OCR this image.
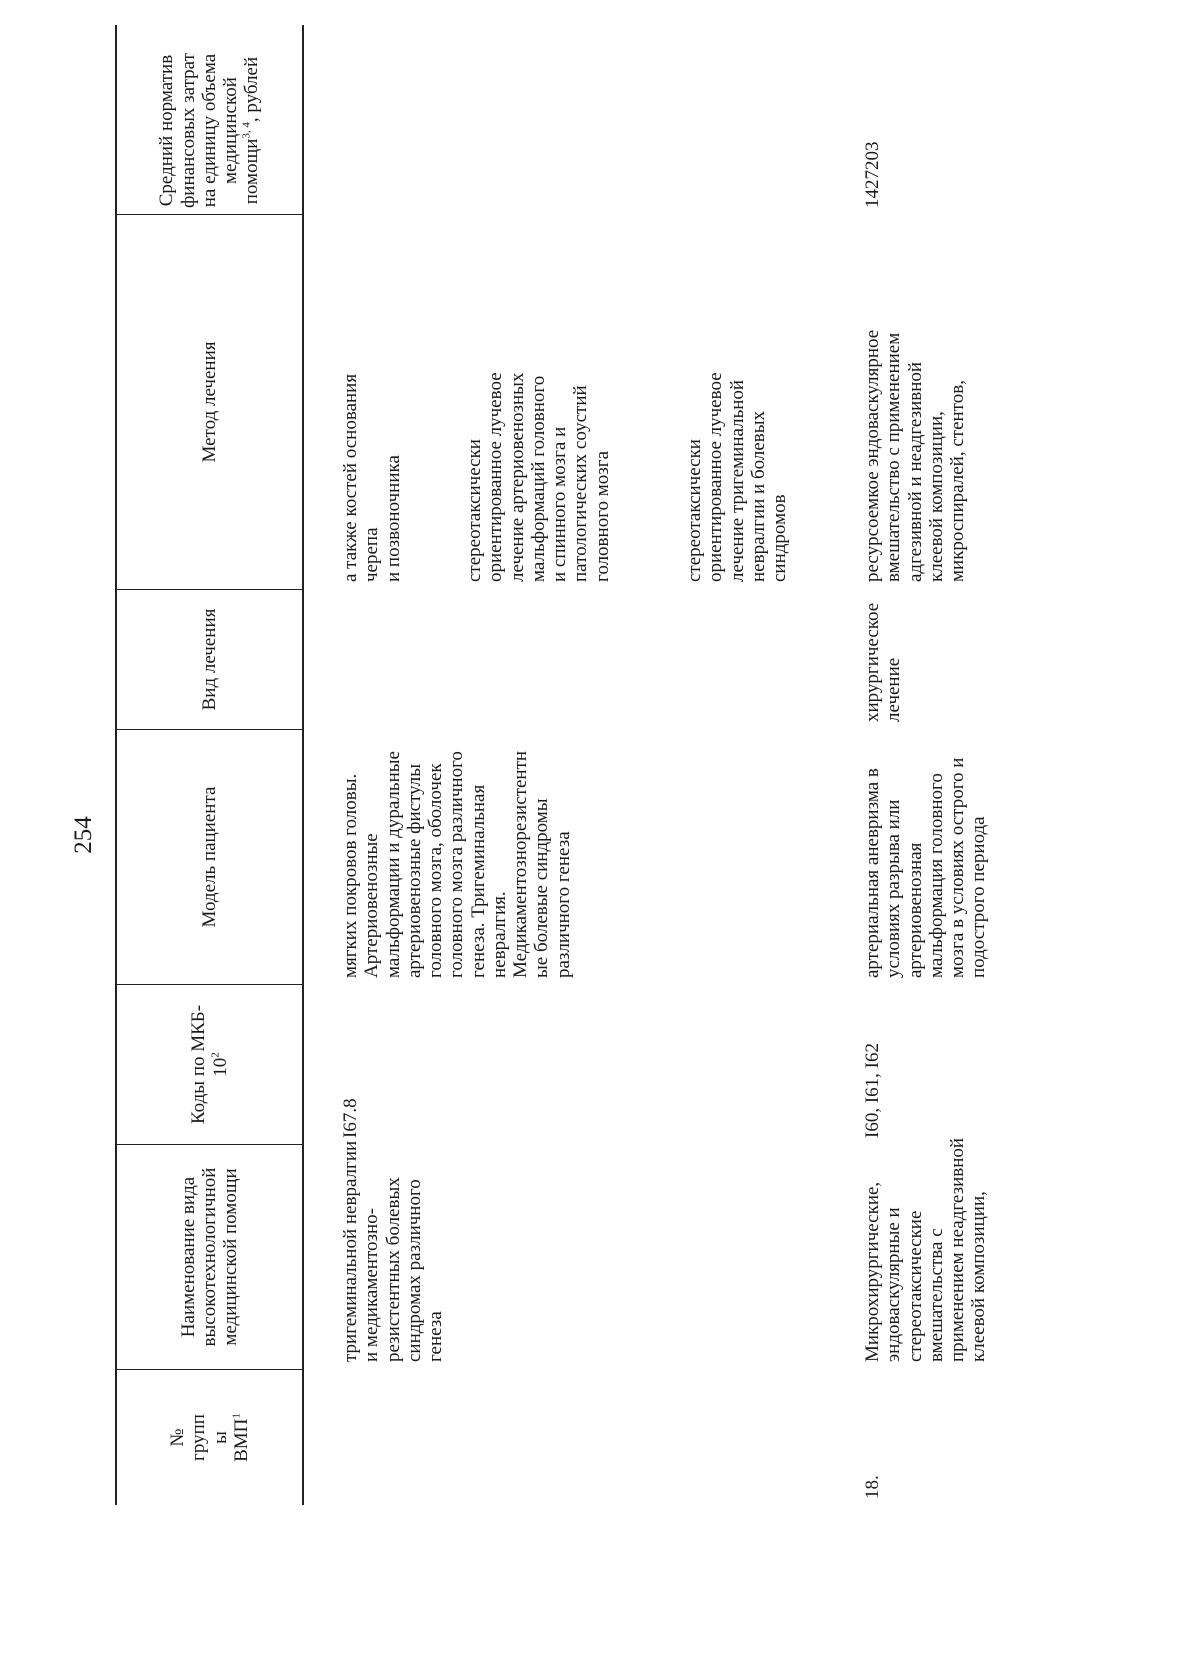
254
№
групп
ы
ВМП$^1$
Наименование вида
высокотехнологичной
медицинской помощи
Коды по МКБ-
$10^2$
Модель пациента
Вид лечения
Метод лечения
Средний норматив
финансовых затрат
на единицу объема
медицинской
помощи$^{3, 4}$, рублей
тригеминальной невралгии
и медикаментозно-
резистентных болевых
синдромах различного
генеза
I67.8
мягких покровов головы.
Артериовенозные
мальформации и дуральные
артериовенозные фистулы
головного мозга, оболочек
головного мозга различного
генеза. Тригеминальная
невралгия.
Медикаментознорезистентн
ые болевые синдромы
различного генеза
а также костей основания
черепа
и позвоночника	стереотаксически
ориентированное лучевое
лечение артериовенозных
мальформаций головного
и спинного мозга и
патологических соустий
головного мозга	стереотаксически
ориентированное лучевое
лечение тригеминальной
невралгии и болевых
синдромов
18.
Микрохирургические,
эндоваскулярные и
стереотаксические
вмешательства с
применением неадгезивной
клеевой композиции,
I60, I61, I62
артериальная аневризма в
условиях разрыва или
артериовенозная
мальформация головного
мозга в условиях острого и
подострого периода
хирургическое
лечение
ресурсоемкое эндоваскулярное
вмешательство с применением
адгезивной и неадгезивной
клеевой композиции,
микроспиралей, стентов,
1427203
